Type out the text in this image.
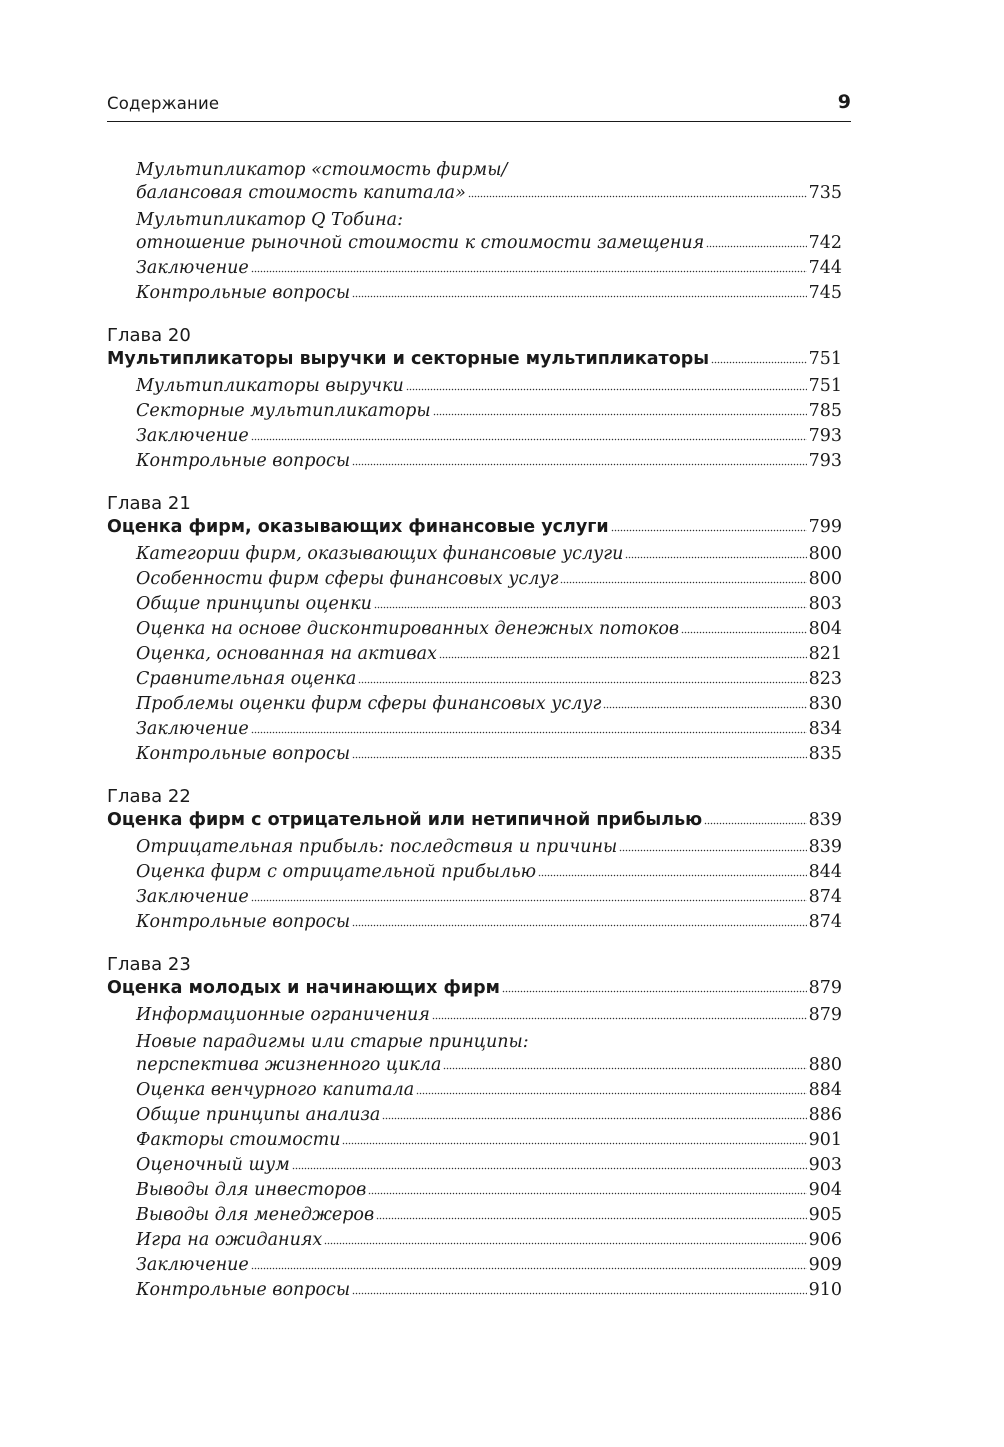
Содержание	9
Мультипликатор «стоимость фирмы/
балансовая стоимость капитала»	735
Мультипликатор Q Тобина:
отношение рыночной стоимости к стоимости замещения	742
Заключение	744
Контрольные вопросы	745
Глава 20
Мультипликаторы выручки и секторные мультипликаторы	751
Мультипликаторы выручки	751
Секторные мультипликаторы	785
Заключение	793
Контрольные вопросы	793
Глава 21
Оценка фирм, оказывающих финансовые услуги	799
Категории фирм, оказывающих финансовые услуги	800
Особенности фирм сферы финансовых услуг	800
Общие принципы оценки	803
Оценка на основе дисконтированных денежных потоков	804
Оценка, основанная на активах	821
Сравнительная оценка	823
Проблемы оценки фирм сферы финансовых услуг	830
Заключение	834
Контрольные вопросы	835
Глава 22
Оценка фирм с отрицательной или нетипичной прибылью	839
Отрицательная прибыль: последствия и причины	839
Оценка фирм с отрицательной прибылью	844
Заключение	874
Контрольные вопросы	874
Глава 23
Оценка молодых и начинающих фирм	879
Информационные ограничения	879
Новые парадигмы или старые принципы:
перспектива жизненного цикла	880
Оценка венчурного капитала	884
Общие принципы анализа	886
Факторы стоимости	901
Оценочный шум	903
Выводы для инвесторов	904
Выводы для менеджеров	905
Игра на ожиданиях	906
Заключение	909
Контрольные вопросы	910
